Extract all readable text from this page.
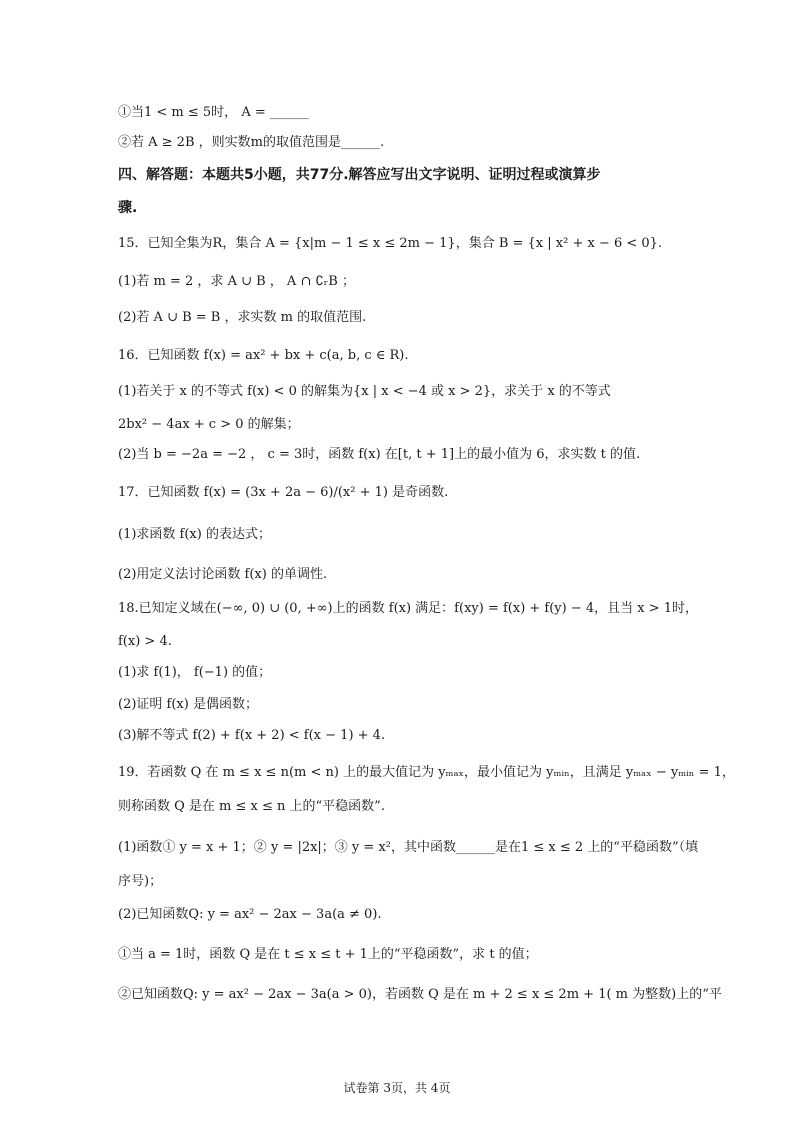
①当1 < m ≤ 5时， A = ______
②若 A ≥ 2B ，则实数m的取值范围是______.
四、解答题：本题共5小题，共77分.解答应写出文字说明、证明过程或演算步
骤.
15．已知全集为R，集合 A = {x|m − 1 ≤ x ≤ 2m − 1}，集合 B = {x | x² + x − 6 < 0}.
(1)若 m = 2 ，求 A ∪ B ， A ∩ ∁ᵣB ；
(2)若 A ∪ B = B ，求实数 m 的取值范围.
16．已知函数 f(x) = ax² + bx + c(a, b, c ∈ R).
(1)若关于 x 的不等式 f(x) < 0 的解集为{x | x < −4 或 x > 2}，求关于 x 的不等式
2bx² − 4ax + c > 0 的解集；
(2)当 b = −2a = −2 ， c = 3时，函数 f(x) 在[t, t + 1]上的最小值为 6，求实数 t 的值.
17．已知函数 f(x) = (3x + 2a − 6)/(x² + 1) 是奇函数.
(1)求函数 f(x) 的表达式；
(2)用定义法讨论函数 f(x) 的单调性.
18.已知定义域在(−∞, 0) ∪ (0, +∞)上的函数 f(x) 满足：f(xy) = f(x) + f(y) − 4，且当 x > 1时，
f(x) > 4.
(1)求 f(1)， f(−1) 的值；
(2)证明 f(x) 是偶函数；
(3)解不等式 f(2) + f(x + 2) < f(x − 1) + 4.
19．若函数 Q 在 m ≤ x ≤ n(m < n) 上的最大值记为 yₘₐₓ，最小值记为 yₘᵢₙ，且满足 yₘₐₓ − yₘᵢₙ = 1，
则称函数 Q 是在 m ≤ x ≤ n 上的“平稳函数”.
(1)函数① y = x + 1；② y = |2x|；③ y = x²，其中函数______是在1 ≤ x ≤ 2 上的“平稳函数”（填
序号)；
(2)已知函数Q: y = ax² − 2ax − 3a(a ≠ 0).
①当 a = 1时，函数 Q 是在 t ≤ x ≤ t + 1上的“平稳函数”，求 t 的值；
②已知函数Q: y = ax² − 2ax − 3a(a > 0)，若函数 Q 是在 m + 2 ≤ x ≤ 2m + 1( m 为整数)上的“平
试卷第 3页，共 4页
